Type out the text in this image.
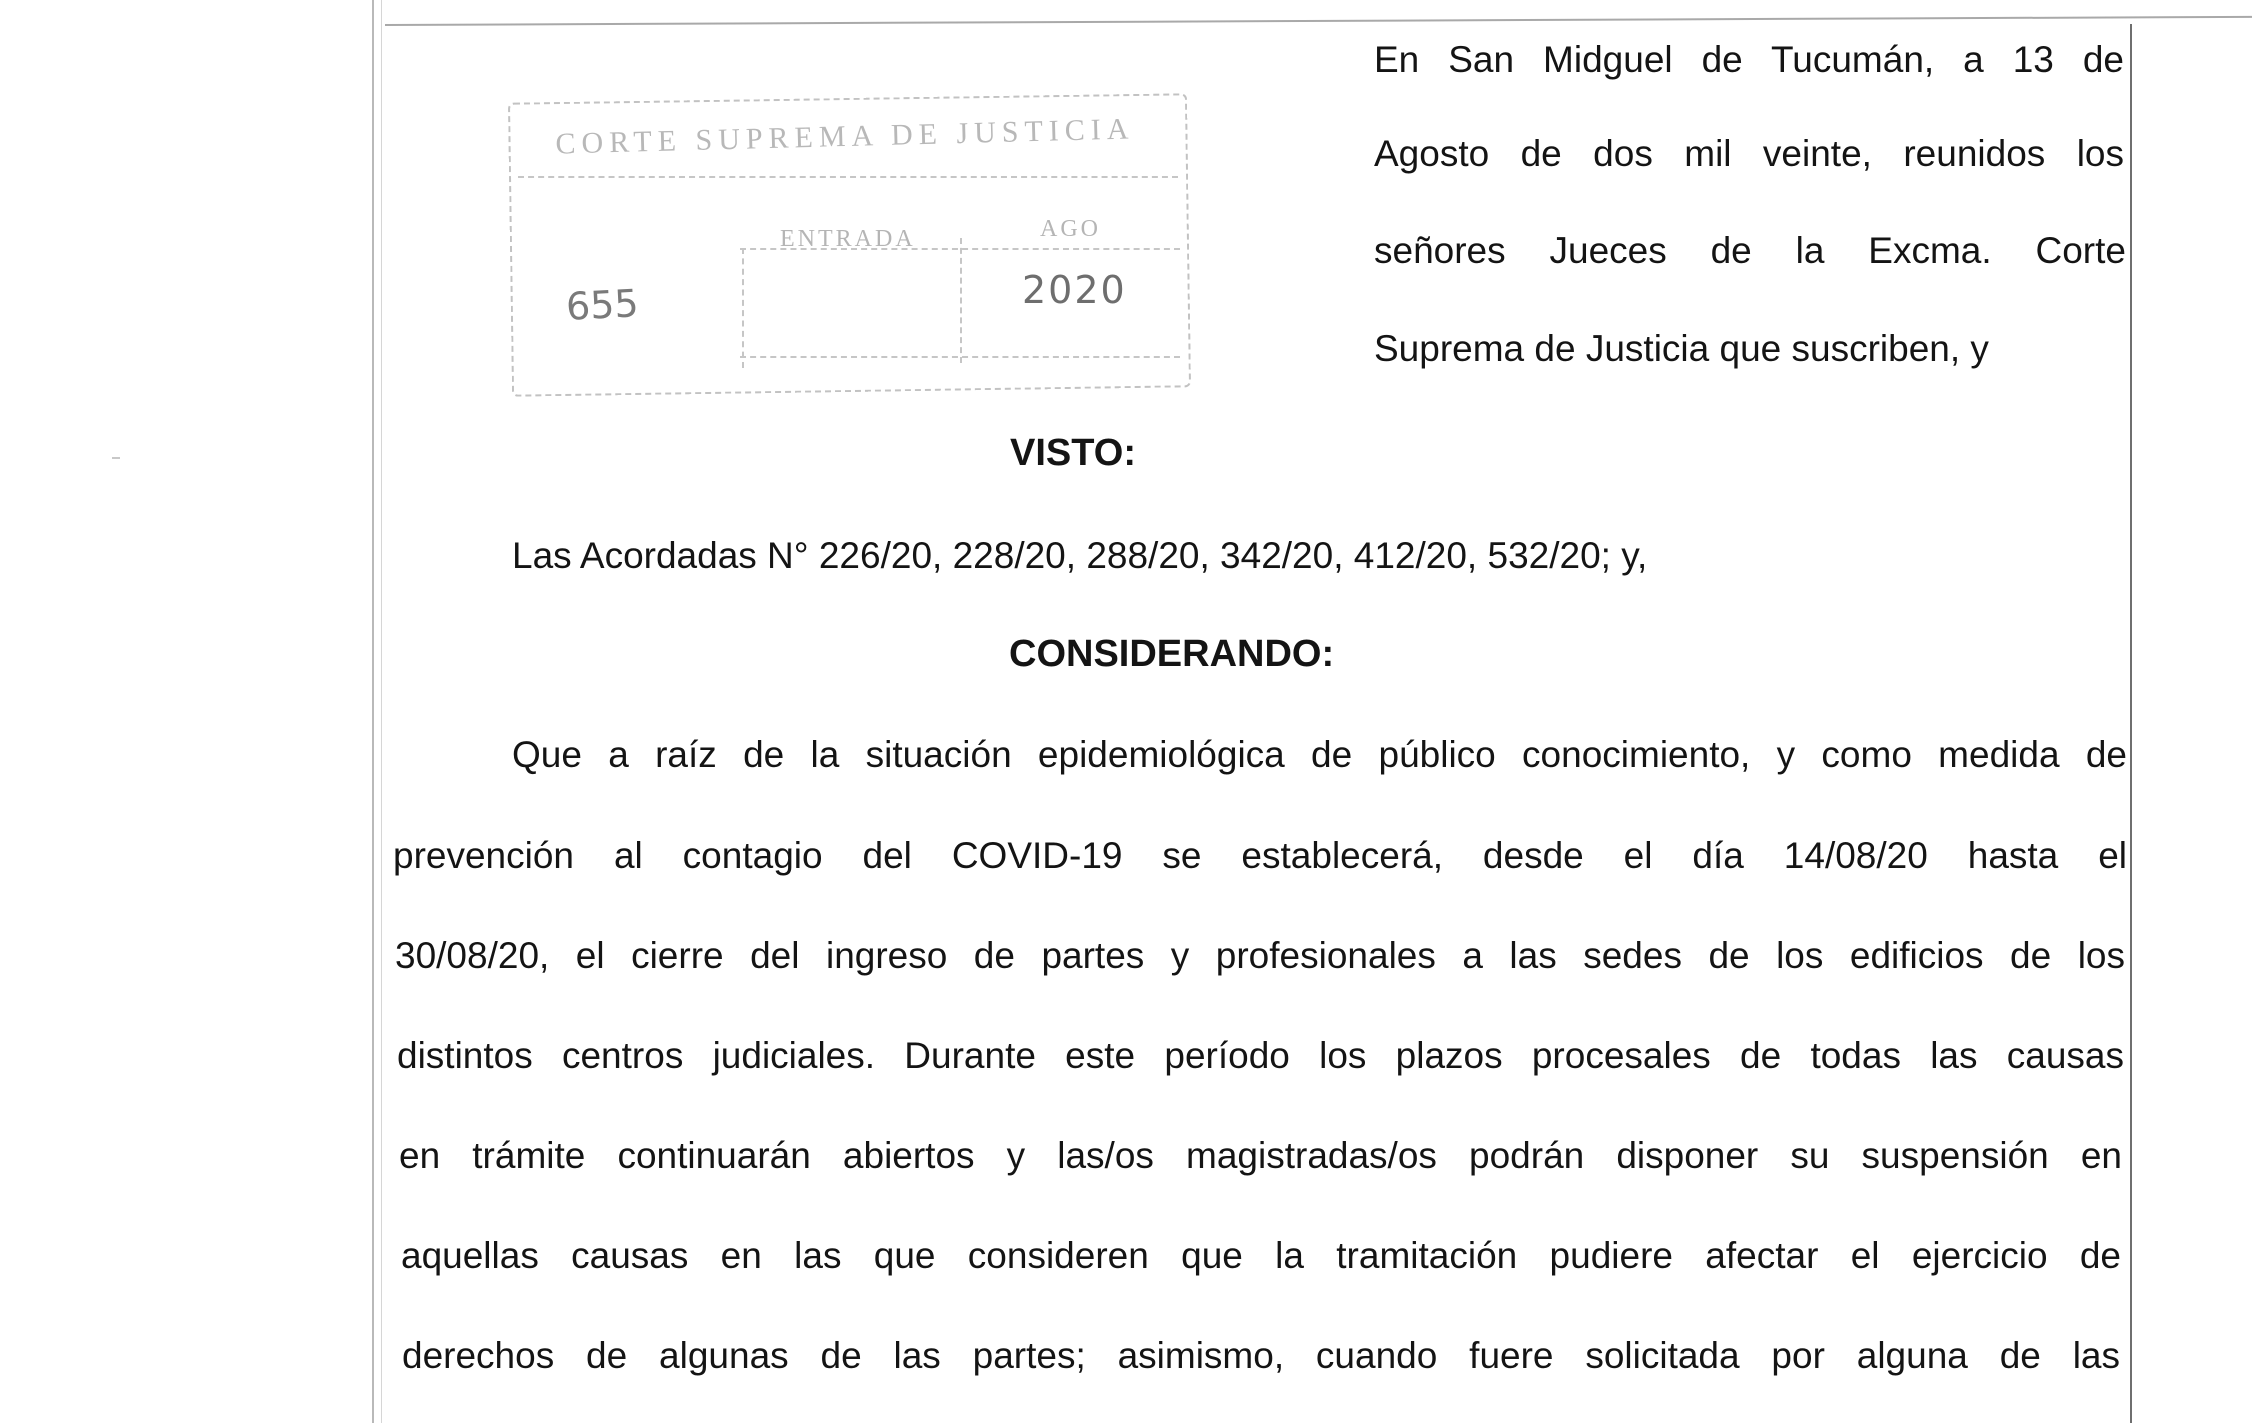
CORTE SUPREMA DE JUSTICIA
ENTRADA	AGO
655	2020
En San Midguel de Tucumán, a 13 de
Agosto de dos mil veinte, reunidos los
señores Jueces de la Excma. Corte
Suprema de Justicia que suscriben, y
VISTO:
Las Acordadas N° 226/20, 228/20, 288/20, 342/20, 412/20, 532/20; y,
CONSIDERANDO:
Que a raíz de la situación epidemiológica de público conocimiento, y como medida de
prevención al contagio del COVID-19 se establecerá, desde el día 14/08/20 hasta el
30/08/20, el cierre del ingreso de partes y profesionales a las sedes de los edificios de los
distintos centros judiciales. Durante este período los plazos procesales de todas las causas
en trámite continuarán abiertos y las/os magistradas/os podrán disponer su suspensión en
aquellas causas en las que consideren que la tramitación pudiere afectar el ejercicio de
derechos de algunas de las partes; asimismo, cuando fuere solicitada por alguna de las
